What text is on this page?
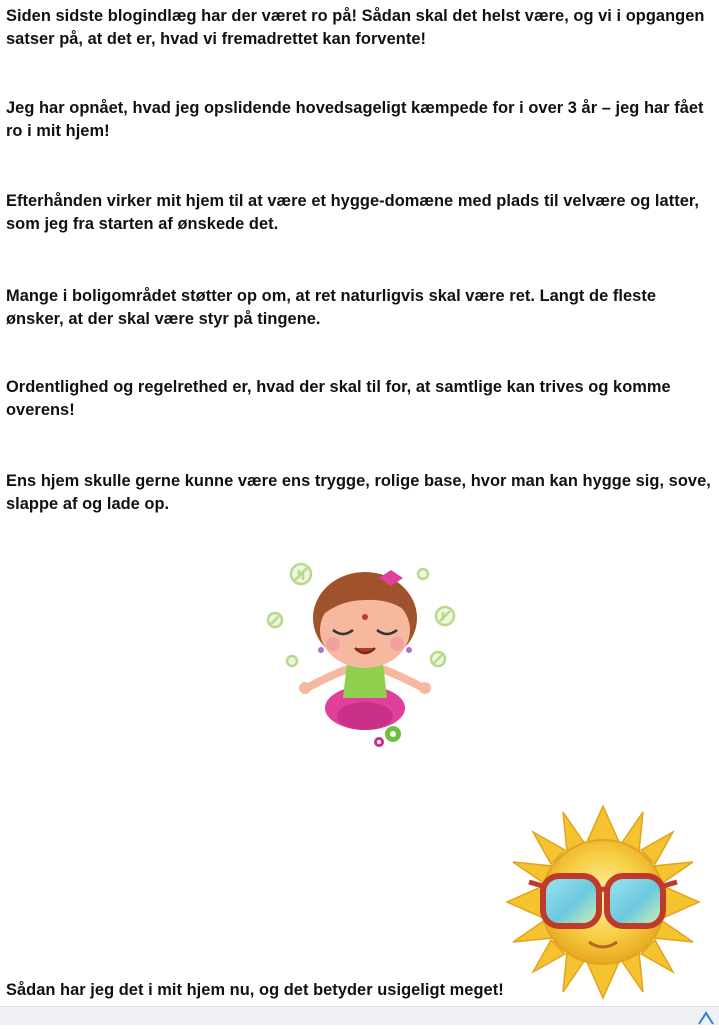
Siden sidste blogindlæg har der været ro på! Sådan skal det helst være, og vi i opgangen satser på, at det er, hvad vi fremadrettet kan forvente!

Jeg har opnået, hvad jeg opslidende hovedsageligt kæmpede for i over 3 år – jeg har fået ro i mit hjem!

Efterhånden virker mit hjem til at være et hygge-domæne med plads til velvære og latter, som jeg fra starten af ønskede det.

Mange i boligområdet støtter op om, at ret naturligvis skal være ret. Langt de fleste ønsker, at der skal være styr på tingene.

Ordentlighed og regelrethed er, hvad der skal til for, at samtlige kan trives og komme overens!

Ens hjem skulle gerne kunne være ens trygge, rolige base, hvor man kan hygge sig, sove, slappe af og lade op.

Sådan har jeg det i mit hjem nu, og det betyder usigeligt meget!
